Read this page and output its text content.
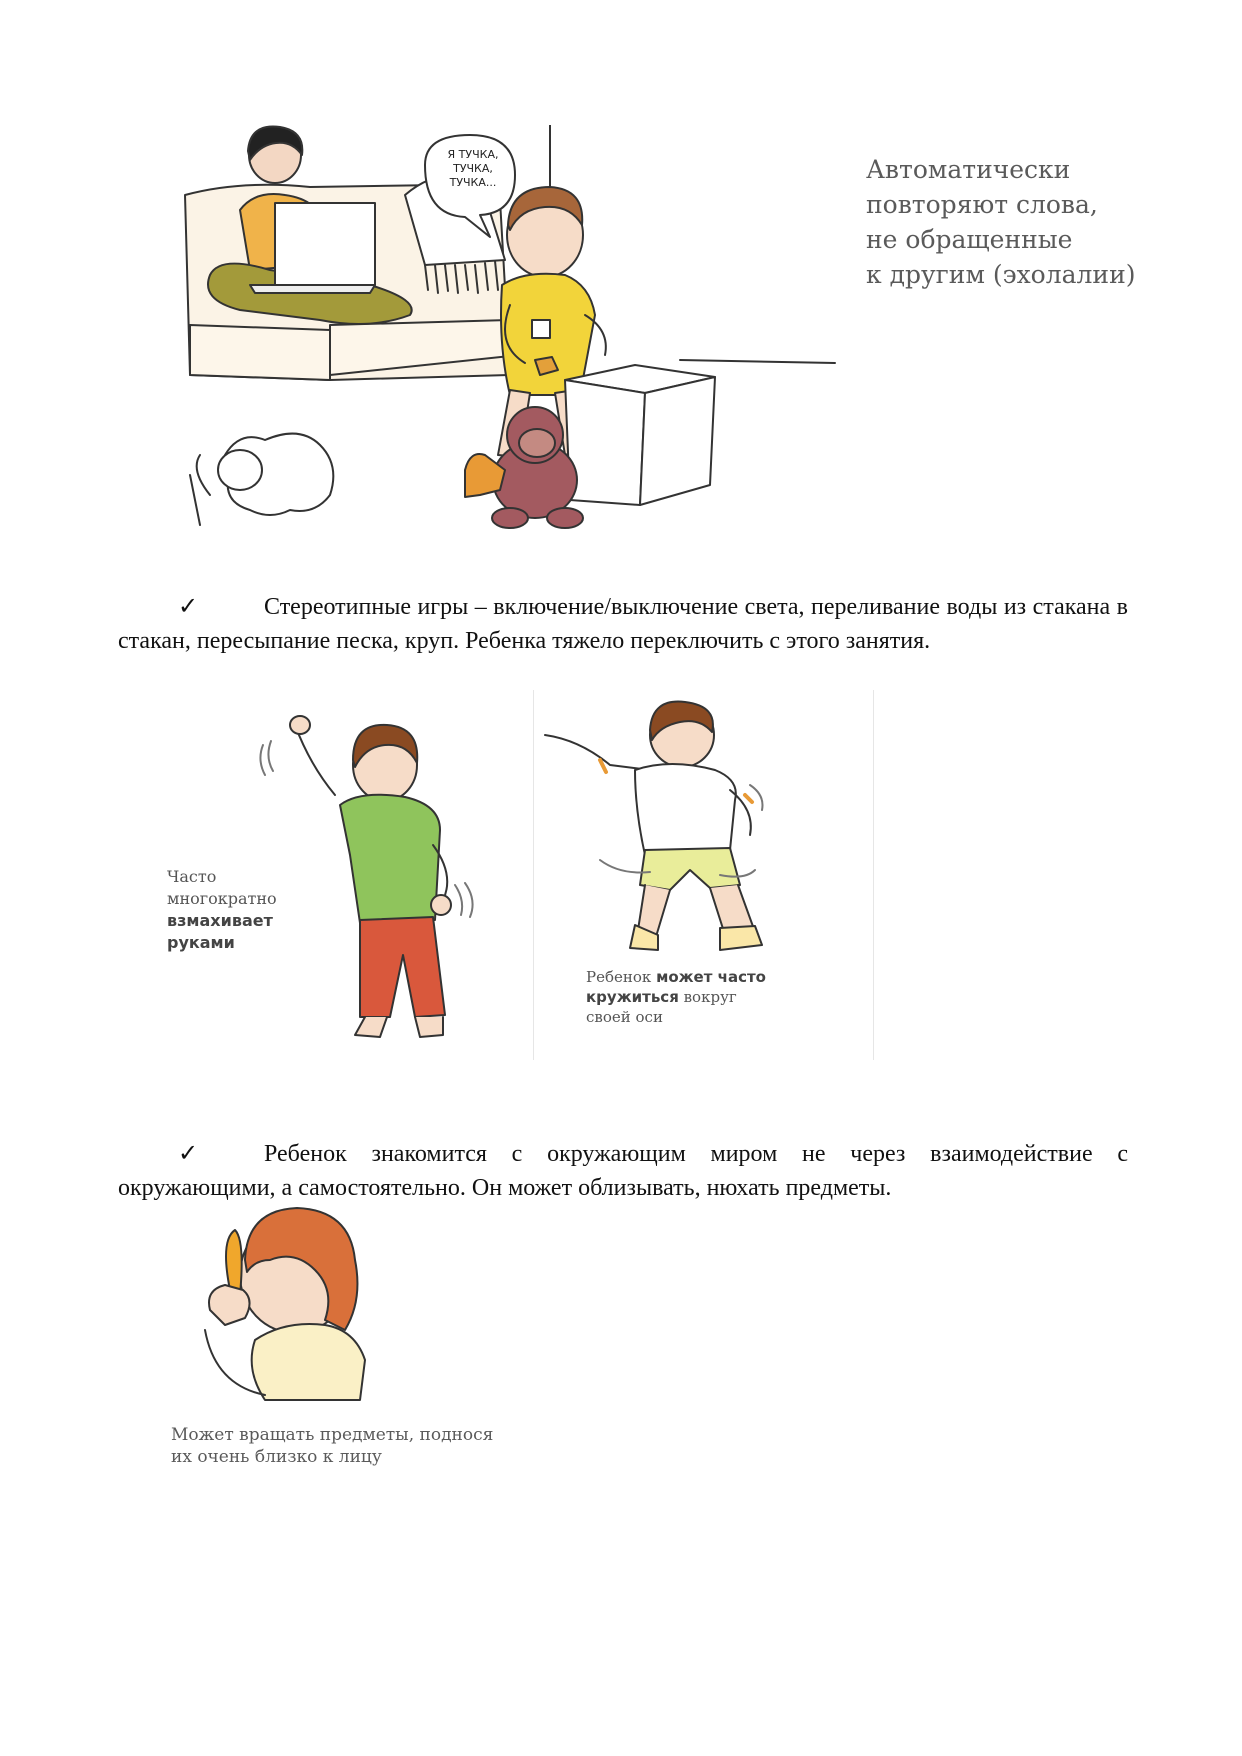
Я ТУЧКА,
ТУЧКА,
ТУЧКА...	Автоматически
повторяют слова,
не обращенные
к другим (эхолалии)
✓	Стереотипные игры – включение/выключение света, переливание воды из стакана в стакан, пересыпание песка, круп. Ребенка тяжело переключить с этого занятия.
Часто
многократно
взмахивает
руками
Ребенок может часто
кружиться вокруг
своей оси
✓	Ребенок знакомится с окружающим миром не через взаимодействие с окружающими, а самостоятельно. Он может облизывать, нюхать предметы.
Может вращать предметы, поднося
их очень близко к лицу
